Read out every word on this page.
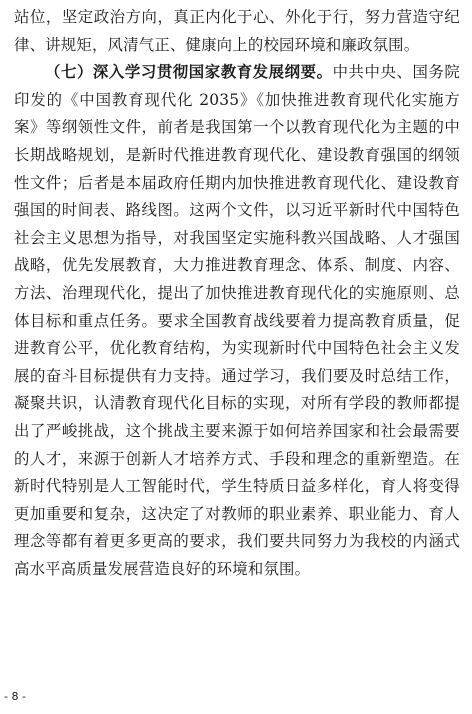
站位，坚定政治方向，真正内化于心、外化于行，努力营造守纪律、讲规矩，风清气正、健康向上的校园环境和廉政氛围。

（七）深入学习贯彻国家教育发展纲要。中共中央、国务院印发的《中国教育现代化 2035》《加快推进教育现代化实施方案》等纲领性文件，前者是我国第一个以教育现代化为主题的中长期战略规划，是新时代推进教育现代化、建设教育强国的纲领性文件；后者是本届政府任期内加快推进教育现代化、建设教育强国的时间表、路线图。这两个文件，以习近平新时代中国特色社会主义思想为指导，对我国坚定实施科教兴国战略、人才强国战略，优先发展教育，大力推进教育理念、体系、制度、内容、方法、治理现代化，提出了加快推进教育现代化的实施原则、总体目标和重点任务。要求全国教育战线要着力提高教育质量，促进教育公平，优化教育结构，为实现新时代中国特色社会主义发展的奋斗目标提供有力支持。通过学习，我们要及时总结工作，凝聚共识，认清教育现代化目标的实现，对所有学段的教师都提出了严峻挑战，这个挑战主要来源于如何培养国家和社会最需要的人才，来源于创新人才培养方式、手段和理念的重新塑造。在新时代特别是人工智能时代，学生特质日益多样化，育人将变得更加重要和复杂，这决定了对教师的职业素养、职业能力、育人理念等都有着更多更高的要求，我们要共同努力为我校的内涵式高水平高质量发展营造良好的环境和氛围。

- 8 -
